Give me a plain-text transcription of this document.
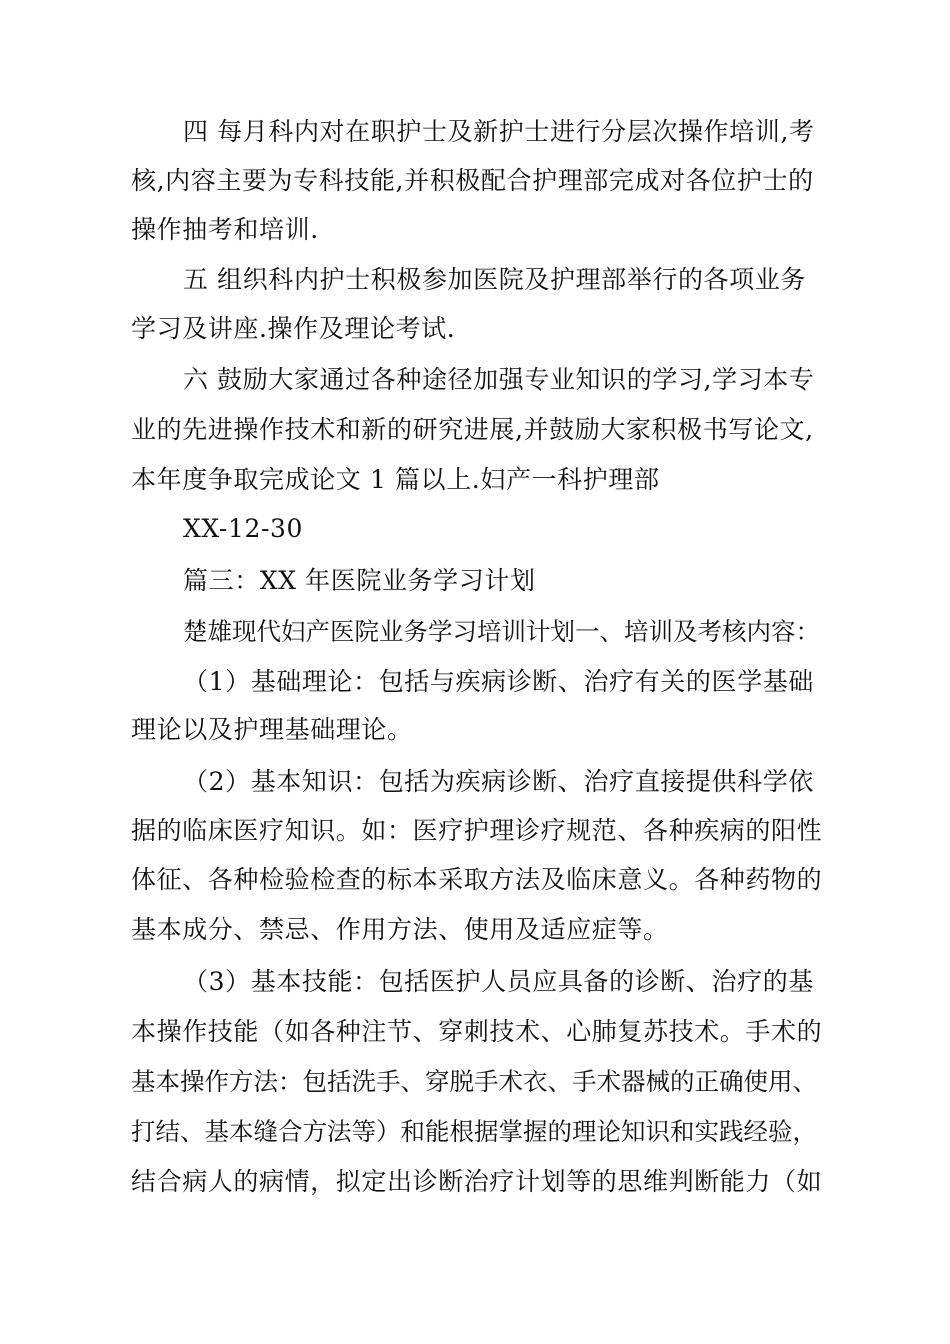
四 每月科内对在职护士及新护士进行分层次操作培训,考
核,内容主要为专科技能,并积极配合护理部完成对各位护士的
操作抽考和培训.
五 组织科内护士积极参加医院及护理部举行的各项业务
学习及讲座.操作及理论考试.
六 鼓励大家通过各种途径加强专业知识的学习,学习本专
业的先进操作技术和新的研究进展,并鼓励大家积极书写论文,
本年度争取完成论文 1 篇以上.妇产一科护理部
XX-12-30
篇三：XX 年医院业务学习计划
楚雄现代妇产医院业务学习培训计划一、培训及考核内容：
（1）基础理论：包括与疾病诊断、治疗有关的医学基础
理论以及护理基础理论。
（2）基本知识：包括为疾病诊断、治疗直接提供科学依
据的临床医疗知识。如：医疗护理诊疗规范、各种疾病的阳性
体征、各种检验检查的标本采取方法及临床意义。各种药物的
基本成分、禁忌、作用方法、使用及适应症等。
（3）基本技能：包括医护人员应具备的诊断、治疗的基
本操作技能（如各种注节、穿刺技术、心肺复苏技术。手术的
基本操作方法：包括洗手、穿脱手术衣、手术器械的正确使用、
打结、基本缝合方法等）和能根据掌握的理论知识和实践经验，
结合病人的病情，拟定出诊断治疗计划等的思维判断能力（如
